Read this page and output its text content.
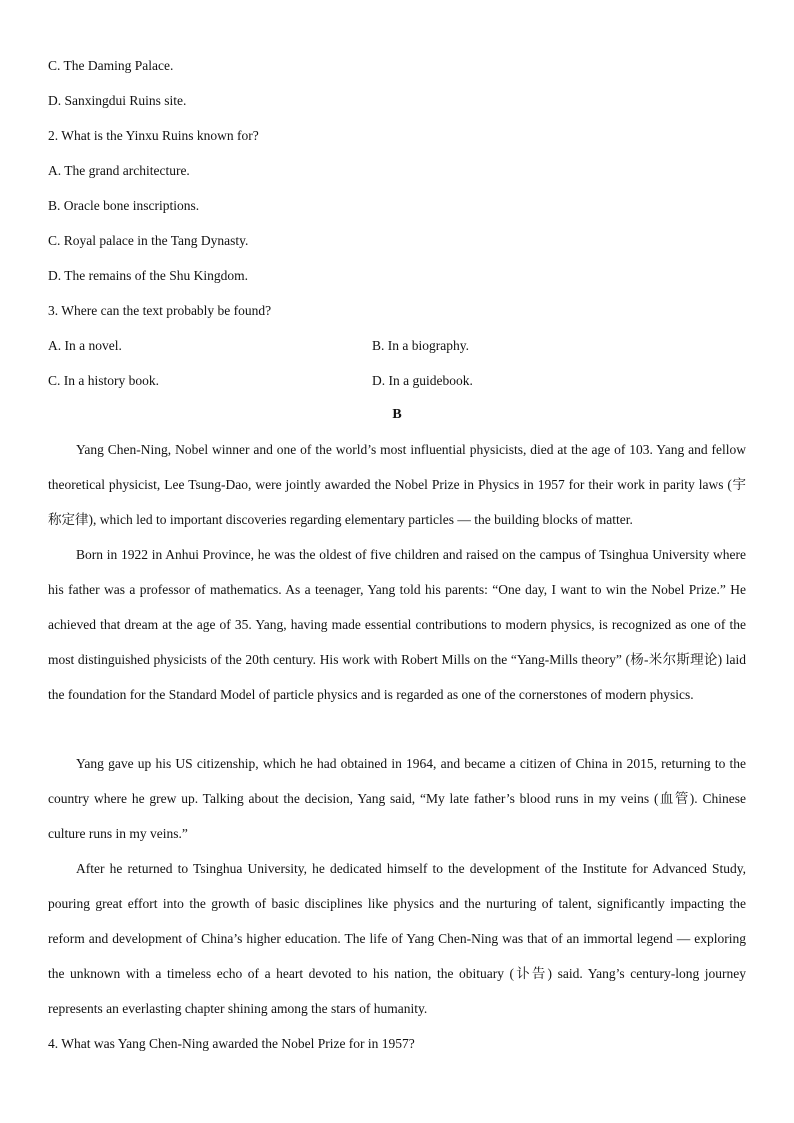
C. The Daming Palace.
D. Sanxingdui Ruins site.
2. What is the Yinxu Ruins known for?
A. The grand architecture.
B. Oracle bone inscriptions.
C. Royal palace in the Tang Dynasty.
D. The remains of the Shu Kingdom.
3. Where can the text probably be found?
A. In a novel.	B. In a biography.
C. In a history book.	D. In a guidebook.
B
Yang Chen-Ning, Nobel winner and one of the world’s most influential physicists, died at the age of 103. Yang and fellow theoretical physicist, Lee Tsung-Dao, were jointly awarded the Nobel Prize in Physics in 1957 for their work in parity laws (宇称定律), which led to important discoveries regarding elementary particles — the building blocks of matter.
Born in 1922 in Anhui Province, he was the oldest of five children and raised on the campus of Tsinghua University where his father was a professor of mathematics. As a teenager, Yang told his parents: “One day, I want to win the Nobel Prize.” He achieved that dream at the age of 35. Yang, having made essential contributions to modern physics, is recognized as one of the most distinguished physicists of the 20th century. His work with Robert Mills on the “Yang-Mills theory” (杨-米尔斯理论) laid the foundation for the Standard Model of particle physics and is regarded as one of the cornerstones of modern physics.
Yang gave up his US citizenship, which he had obtained in 1964, and became a citizen of China in 2015, returning to the country where he grew up. Talking about the decision, Yang said, “My late father’s blood runs in my veins (血管). Chinese culture runs in my veins.”
After he returned to Tsinghua University, he dedicated himself to the development of the Institute for Advanced Study, pouring great effort into the growth of basic disciplines like physics and the nurturing of talent, significantly impacting the reform and development of China’s higher education. The life of Yang Chen-Ning was that of an immortal legend — exploring the unknown with a timeless echo of a heart devoted to his nation, the obituary (讣告) said. Yang’s century-long journey represents an everlasting chapter shining among the stars of humanity.
4. What was Yang Chen-Ning awarded the Nobel Prize for in 1957?
